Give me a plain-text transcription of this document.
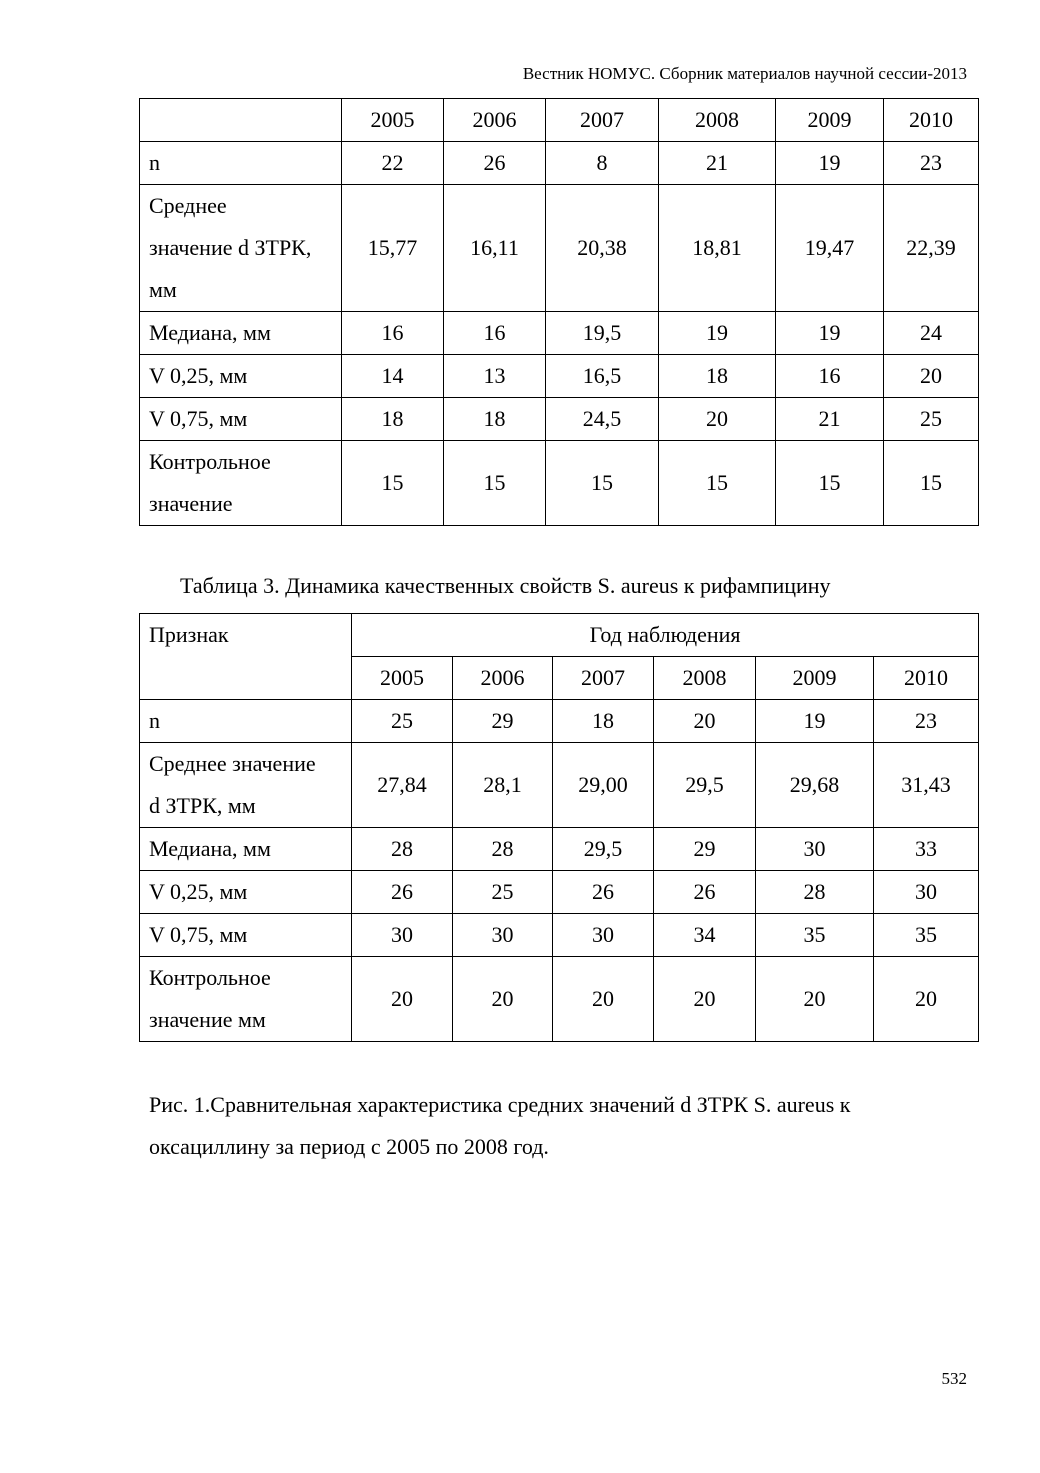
Вестник НОМУС. Сборник материалов научной сессии-2013
	2005	2006	2007	2008	2009	2010
n	22	26	8	21	19	23

Среднее
значение d ЗТРК,
мм	15,77	16,11	20,38	18,81	19,47	22,39
Медиана, мм	16	16	19,5	19	19	24
V 0,25, мм	14	13	16,5	18	16	20
V 0,75, мм	18	18	24,5	20	21	25

Контрольное
значение	15	15	15	15	15	15
Таблица 3. Динамика качественных свойств S. aureus к рифампицину
Признак	Год наблюдения					
	2005	2006	2007	2008	2009	2010
n	25	29	18	20	19	23

Среднее значение
d ЗТРК, мм	27,84	28,1	29,00	29,5	29,68	31,43
Медиана, мм	28	28	29,5	29	30	33
V 0,25, мм	26	25	26	26	28	30
V 0,75, мм	30	30	30	34	35	35

Контрольное
значение мм	20	20	20	20	20	20
Рис. 1.Сравнительная характеристика средних значений d ЗТРК S. aureus к оксациллину за период с 2005 по 2008 год.
532
